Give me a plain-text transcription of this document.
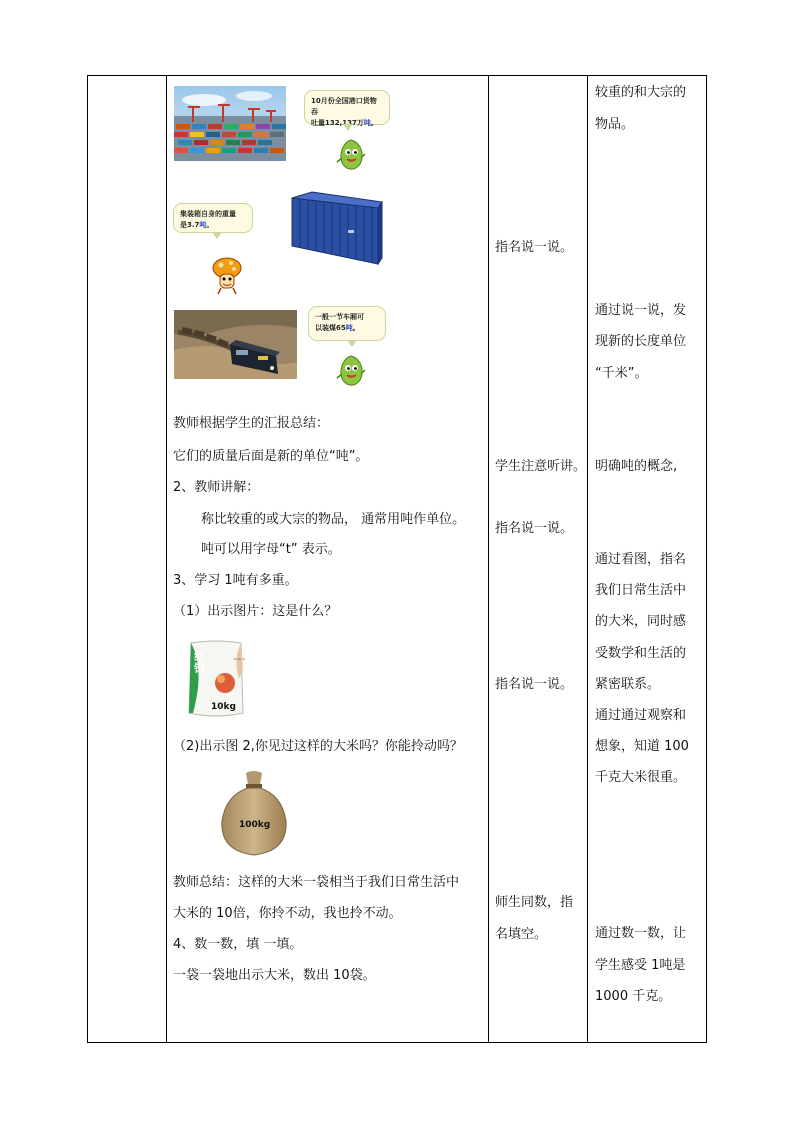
10月份全国港口货物吞
吐量132,137万吨。
集装箱自身的重量
是3.7吨。
一般一节车厢可
以装煤65吨。
教师根据学生的汇报总结：
它们的质量后面是新的单位“吨”。
2、教师讲解：
称比较重的或大宗的物品， 通常用吨作单位。
吨可以用字母“t” 表示。
3、学习 1吨有多重。
（1）出示图片：这是什么？
~~~
红钢
10kg
（2)出示图 2,你见过这样的大米吗？你能拎动吗？
100kg
教师总结：这样的大米一袋相当于我们日常生活中
大米的 10倍，你拎不动，我也拎不动。
4、数一数，填 一填。
一袋一袋地出示大米，数出 10袋。
指名说一说。
学生注意听讲。
指名说一说。
指名说一说。
师生同数，指
名填空。
较重的和大宗的
物品。
通过说一说，发
现新的长度单位
“千米”。
明确吨的概念,
通过看图，指名
我们日常生活中
的大米，同时感
受数学和生活的
紧密联系。
通过通过观察和
想象，知道 100
千克大米很重。
通过数一数，让
学生感受 1吨是
1000 千克。
